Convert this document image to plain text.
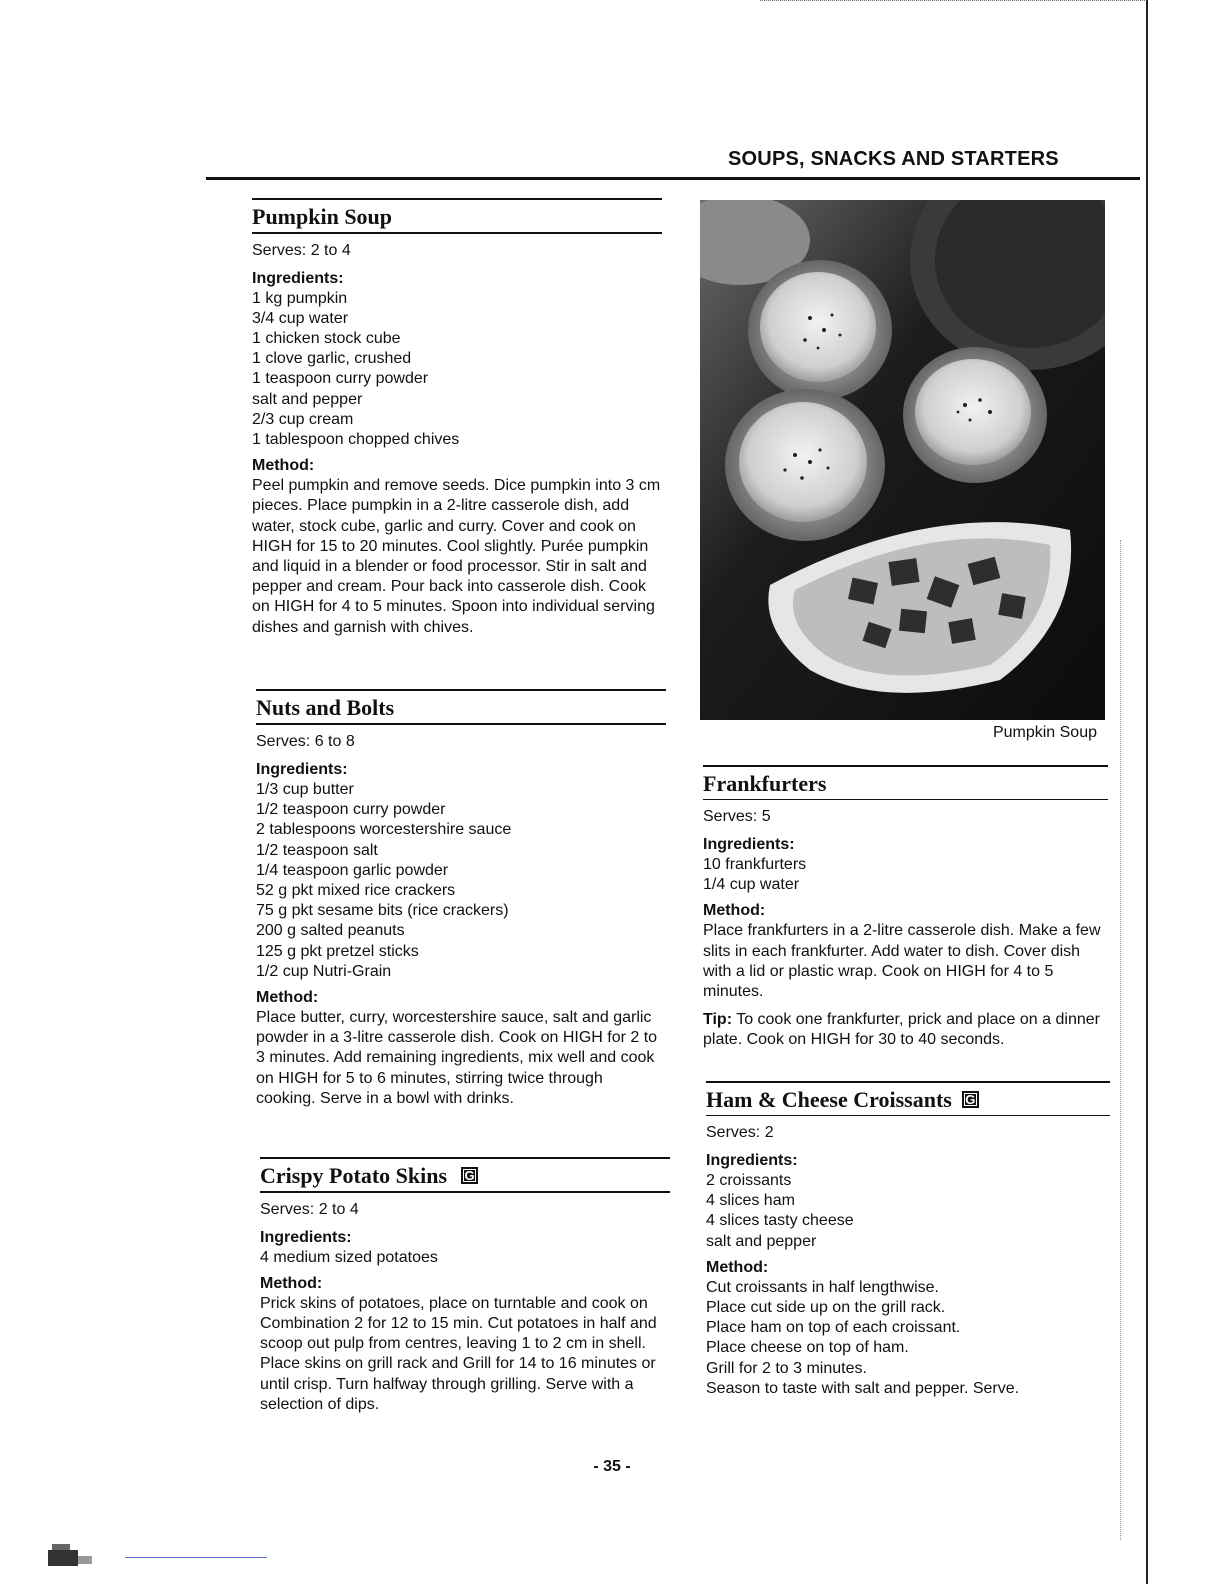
SOUPS, SNACKS AND STARTERS
Pumpkin Soup
Serves: 2 to 4
Ingredients:
1 kg pumpkin
3/4 cup water
1 chicken stock cube
1 clove garlic, crushed
1 teaspoon curry powder
salt and pepper
2/3 cup cream
1 tablespoon chopped chives
Method:
Peel pumpkin and remove seeds. Dice pumpkin into 3 cm pieces. Place pumpkin in a 2-litre casserole dish, add water, stock cube, garlic and curry. Cover and cook on HIGH for 15 to 20 minutes. Cool slightly. Purée pumpkin and liquid in a blender or food processor. Stir in salt and pepper and cream. Pour back into casserole dish. Cook on HIGH for 4 to 5 minutes. Spoon into individual serving dishes and garnish with chives.
Nuts and Bolts
Serves: 6 to 8
Ingredients:
1/3 cup butter
1/2 teaspoon curry powder
2 tablespoons worcestershire sauce
1/2 teaspoon salt
1/4 teaspoon garlic powder
52 g pkt mixed rice crackers
75 g pkt sesame bits (rice crackers)
200 g salted peanuts
125 g pkt pretzel sticks
1/2 cup Nutri-Grain
Method:
Place butter, curry, worcestershire sauce, salt and garlic powder in a 3-litre casserole dish. Cook on HIGH for 2 to 3 minutes. Add remaining ingredients, mix well and cook on HIGH for 5 to 6 minutes, stirring twice through cooking. Serve in a bowl with drinks.
Crispy Potato Skins G
Serves: 2 to 4
Ingredients:
4 medium sized potatoes
Method:
Prick skins of potatoes, place on turntable and cook on Combination 2 for 12 to 15 min. Cut potatoes in half and scoop out pulp from centres, leaving 1 to 2 cm in shell. Place skins on grill rack and Grill for 14 to 16 minutes or until crisp. Turn halfway through grilling. Serve with a selection of dips.
Pumpkin Soup
Frankfurters
Serves: 5
Ingredients:
10 frankfurters
1/4 cup water
Method:
Place frankfurters in a 2-litre casserole dish. Make a few slits in each frankfurter. Add water to dish. Cover dish with a lid or plastic wrap. Cook on HIGH for 4 to 5 minutes.
Tip: To cook one frankfurter, prick and place on a dinner plate. Cook on HIGH for 30 to 40 seconds.
Ham & Cheese Croissants G
Serves: 2
Ingredients:
2 croissants
4 slices ham
4 slices tasty cheese
salt and pepper
Method:
Cut croissants in half lengthwise.
Place cut side up on the grill rack.
Place ham on top of each croissant.
Place cheese on top of ham.
Grill for 2 to 3 minutes.
Season to taste with salt and pepper. Serve.
- 35 -
